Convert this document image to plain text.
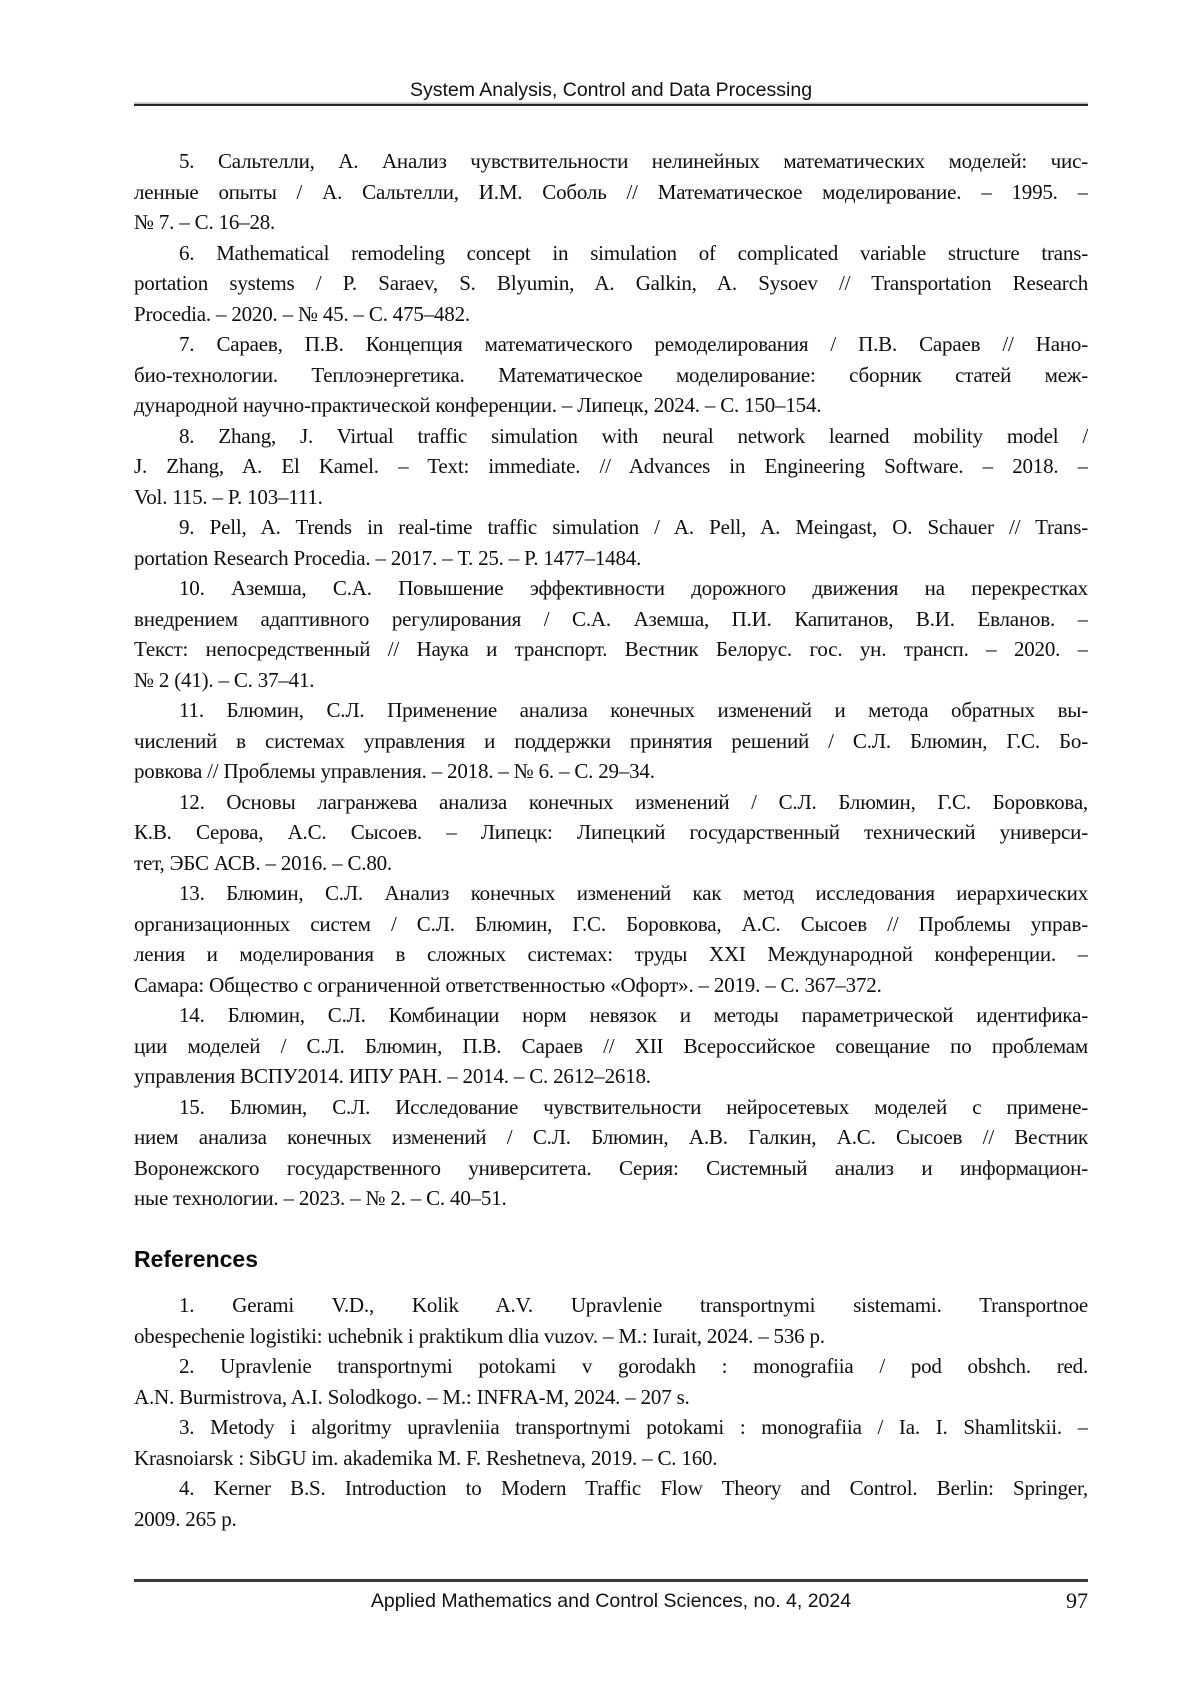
System Analysis, Control and Data Processing
5. Сальтелли, А. Анализ чувствительности нелинейных математических моделей: чис-
ленные опыты / А. Сальтелли, И.М. Соболь // Математическое моделирование. – 1995. –
№ 7. – С. 16–28.
6. Mathematical remodeling concept in simulation of complicated variable structure trans-
portation systems / P. Saraev, S. Blyumin, A. Galkin, A. Sysoev // Transportation Research
Procedia. – 2020. – № 45. – С. 475–482.
7. Сараев, П.В. Концепция математического ремоделирования / П.В. Сараев // Нано-
био-технологии. Теплоэнергетика. Математическое моделирование: сборник статей меж-
дународной научно-практической конференции. – Липецк, 2024. – С. 150–154.
8. Zhang, J. Virtual traffic simulation with neural network learned mobility model /
J. Zhang, A. El Kamel. – Text: immediate. // Advances in Engineering Software. – 2018. –
Vol. 115. – P. 103–111.
9. Pell, A. Trends in real-time traffic simulation / A. Pell, A. Meingast, O. Schauer // Trans-
portation Research Procedia. – 2017. – Т. 25. – P. 1477–1484.
10. Аземша, С.А. Повышение эффективности дорожного движения на перекрестках
внедрением адаптивного регулирования / С.А. Аземша, П.И. Капитанов, В.И. Евланов. –
Текст: непосредственный // Наука и транспорт. Вестник Белорус. гос. ун. трансп. – 2020. –
№ 2 (41). – С. 37–41.
11. Блюмин, С.Л. Применение анализа конечных изменений и метода обратных вы-
числений в системах управления и поддержки принятия решений / С.Л. Блюмин, Г.С. Бо-
ровкова // Проблемы управления. – 2018. – № 6. – С. 29–34.
12. Основы лагранжева анализа конечных изменений / С.Л. Блюмин, Г.С. Боровкова,
К.В. Серова, А.С. Сысоев. – Липецк: Липецкий государственный технический универси-
тет, ЭБС АСВ. – 2016. – С.80.
13. Блюмин, С.Л. Анализ конечных изменений как метод исследования иерархических
организационных систем / С.Л. Блюмин, Г.С. Боровкова, А.С. Сысоев // Проблемы управ-
ления и моделирования в сложных системах: труды XXI Международной конференции. –
Самара: Общество с ограниченной ответственностью «Офорт». – 2019. – С. 367–372.
14. Блюмин, С.Л. Комбинации норм невязок и методы параметрической идентифика-
ции моделей / С.Л. Блюмин, П.В. Сараев // XII Всероссийское совещание по проблемам
управления ВСПУ2014. ИПУ РАН. – 2014. – С. 2612–2618.
15. Блюмин, С.Л. Исследование чувствительности нейросетевых моделей с примене-
нием анализа конечных изменений / С.Л. Блюмин, А.В. Галкин, А.С. Сысоев // Вестник
Воронежского государственного университета. Серия: Системный анализ и информацион-
ные технологии. – 2023. – № 2. – С. 40–51.
References
1. Gerami V.D., Kolik A.V. Upravlenie transportnymi sistemami. Transportnoe
obespechenie logistiki: uchebnik i praktikum dlia vuzov. – M.: Iurait, 2024. – 536 p.
2. Upravlenie transportnymi potokami v gorodakh : monografiia / pod obshch. red.
A.N. Burmistrova, A.I. Solodkogo. – M.: INFRA-M, 2024. – 207 s.
3. Metody i algoritmy upravleniia transportnymi potokami : monografiia / Ia. I. Shamlitskii. –
Krasnoiarsk : SibGU im. akademika M. F. Reshetneva, 2019. – C. 160.
4. Kerner B.S. Introduction to Modern Traffic Flow Theory and Control. Berlin: Springer,
2009. 265 p.
Applied Mathematics and Control Sciences, no. 4, 2024	97
